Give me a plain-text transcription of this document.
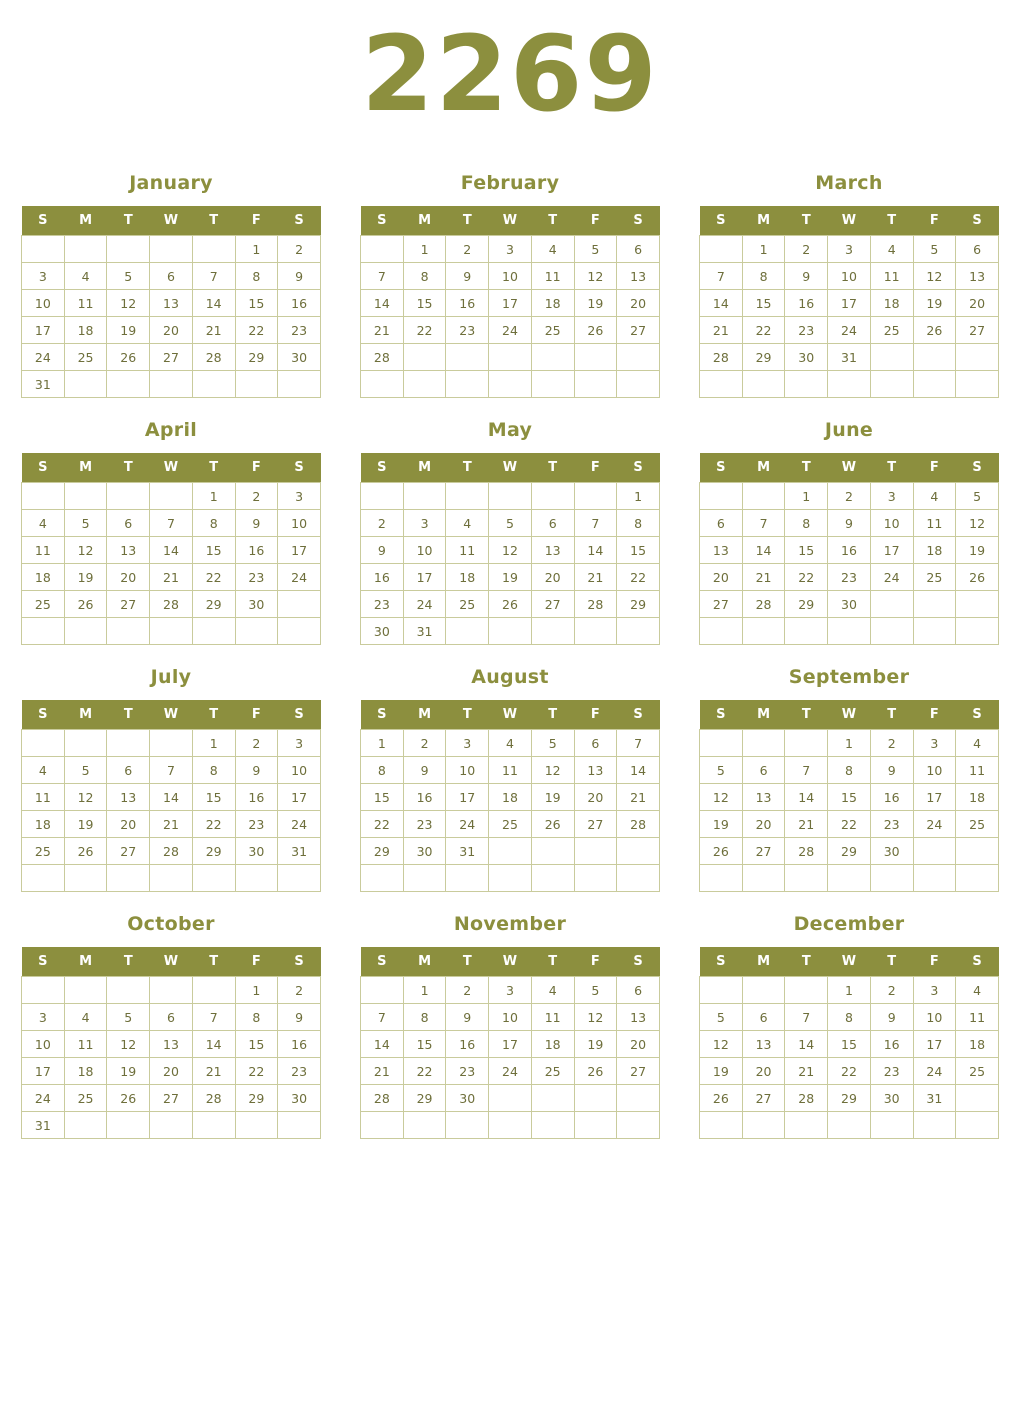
2269
January
S	M	T	W	T	F	S
					1	2
3	4	5	6	7	8	9
10	11	12	13	14	15	16
17	18	19	20	21	22	23
24	25	26	27	28	29	30
31						
February
S	M	T	W	T	F	S
	1	2	3	4	5	6
7	8	9	10	11	12	13
14	15	16	17	18	19	20
21	22	23	24	25	26	27
28						

March
S	M	T	W	T	F	S
	1	2	3	4	5	6
7	8	9	10	11	12	13
14	15	16	17	18	19	20
21	22	23	24	25	26	27
28	29	30	31			

April
S	M	T	W	T	F	S
				1	2	3
4	5	6	7	8	9	10
11	12	13	14	15	16	17
18	19	20	21	22	23	24
25	26	27	28	29	30	

May
S	M	T	W	T	F	S
						1
2	3	4	5	6	7	8
9	10	11	12	13	14	15
16	17	18	19	20	21	22
23	24	25	26	27	28	29
30	31					
June
S	M	T	W	T	F	S
		1	2	3	4	5
6	7	8	9	10	11	12
13	14	15	16	17	18	19
20	21	22	23	24	25	26
27	28	29	30			

July
S	M	T	W	T	F	S
				1	2	3
4	5	6	7	8	9	10
11	12	13	14	15	16	17
18	19	20	21	22	23	24
25	26	27	28	29	30	31

August
S	M	T	W	T	F	S
1	2	3	4	5	6	7
8	9	10	11	12	13	14
15	16	17	18	19	20	21
22	23	24	25	26	27	28
29	30	31				

September
S	M	T	W	T	F	S
			1	2	3	4
5	6	7	8	9	10	11
12	13	14	15	16	17	18
19	20	21	22	23	24	25
26	27	28	29	30		

October
S	M	T	W	T	F	S
					1	2
3	4	5	6	7	8	9
10	11	12	13	14	15	16
17	18	19	20	21	22	23
24	25	26	27	28	29	30
31						
November
S	M	T	W	T	F	S
	1	2	3	4	5	6
7	8	9	10	11	12	13
14	15	16	17	18	19	20
21	22	23	24	25	26	27
28	29	30				

December
S	M	T	W	T	F	S
			1	2	3	4
5	6	7	8	9	10	11
12	13	14	15	16	17	18
19	20	21	22	23	24	25
26	27	28	29	30	31	
